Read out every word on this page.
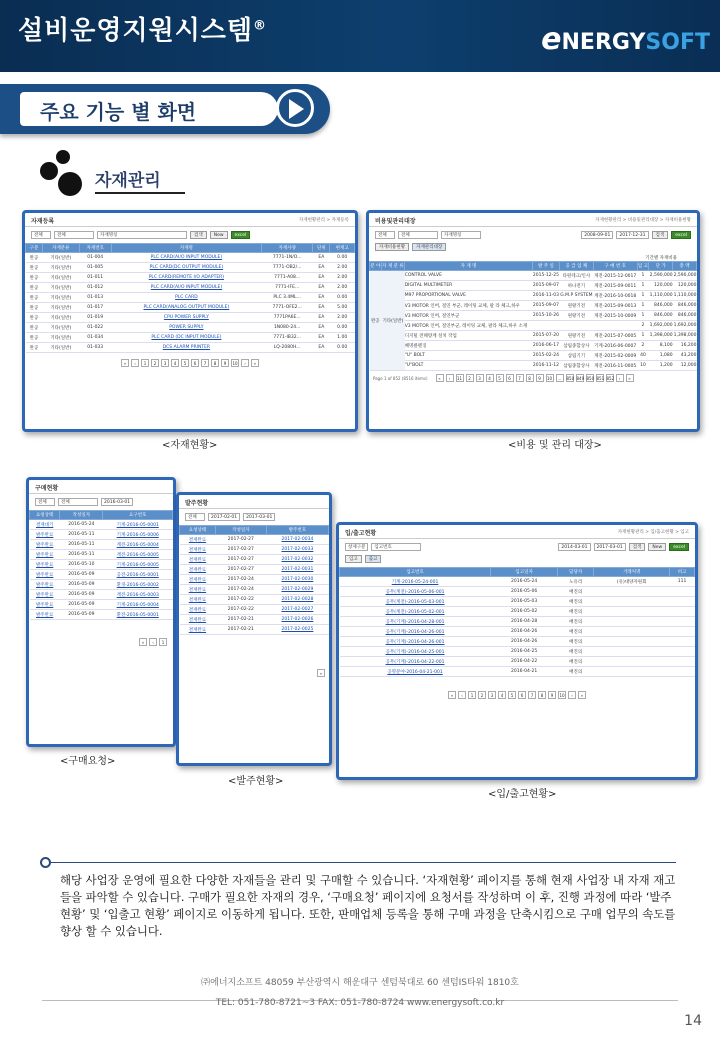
설비운영지원시스템®	eNERGYSOFT
주요 기능 별 화면
자재관리
자재등록	자재현황관리 > 자재등록
전체	전체	자재명칭	검색	New	excel
구분	자재분류	자재번호	자재명	자재사양	단위	현재고
완공	기타(일반)	01-004	PLC CARD(AI/O INPUT MODULE)	7771-1N/O...	EA	0.00
완공	기타(일반)	01-005	PLC CARD(DC OUTPUT MODULE)	7771-OB2/...	EA	2.00
완공	기타(일반)	01-011	PLC CARD(REMOTE I/O ADAPTER)	7771-A08...	EA	2.00
완공	기타(일반)	01-012	PLC CARD(AI/O INPUT MODULE)	7771-IFE...	EA	2.00
완공	기타(일반)	01-013	PLC CARD	PLC 3.4ML...	EA	0.00
완공	기타(일반)	01-017	PLC CARD(ANALOG OUTPUT MODULE)	7771-OFE2...	EA	5.00
완공	기타(일반)	01-019	CPU POWER SUPPLY	7771PA6E...	EA	2.00
완공	기타(일반)	01-022	POWER SUPPLY	1N080-24...	EA	0.00
완공	기타(일반)	01-034	PLC CARD (DC INPUT MODULE)	7771-IB32...	EA	1.00
완공	기타(일반)	01-033	DCS ALARM PRINTER	LQ-2080H...	EA	0.00
«	‹	1	2	3	4	5	6	7	8	9	10	›	»
<자재현황>
비용및관리대장	자재현황관리 > 비용및관리대장 > 자재비용현황
전체	전체	자재명칭	2008-09-01	2017-12-31	검색	excel
자재비용현황	자재관리대장
기간별 자재비용
분 야	자 재 분 류	자 재 명	발 주 일	공 급 업 체	구 매 번 호	입 고	단 가	총 액
완공	기타(일반)	CONTROL VALVE	2015-12-25	타원테크/인사	계전-2015-12-0017	1	2,590,000	2,590,000
		DIGITAL MULTIMETER	2015-09-07	하나전기	계전-2015-09-0011	1	120,000	120,000
		M97 PROPORTIONAL VALVE	2016-11-03	G.M.P SYSTEM	계전-2016-10-0018	1	1,110,000	1,110,000
		V3 MOTOR 인버, 절연 부군, 레이팅 교체, 팔 라 체크,하우	2015-09-07	원왕기전	계전-2015-09-0013	1	846,000	846,000
		V3 MOTOR 인버, 절연부군	2015-10-26	원왕기전	계전-2015-10-0009	1	846,000	846,000
		V3 MOTOR 인버, 절연부군, 레이팅 교체, 팔라 체크,하우 소재				2	1,692,000	1,692,000
		디지털 전해량계 설치 작업	2015-07-20	원왕기전	계전-2015-07-0005	1	1,398,000	1,398,000
		혜명클렌징	2016-06-17	삼림종합상사	기계-2016-06-0007	2	8,100	16,200
		"U" BOLT	2015-02-24	삼림기기	계전-2015-02-0009	40	1,080	43,200
		"U"BOLT	2016-11-12	삼림종합상사	계전-2016-11-0005	10	1,200	12,000
Page 1 of 852 (8516 items)	«	‹	11	2	3	4	5	6	7	8	9	10	...	850 849 850 851 852	›	»
<비용 및 관리 대장>
구매현황
전체	전체	2016-03-01
요청상태	작성일자	요구번호
결재대기	2016-05-24	기계-2016-05-0001
발주완료	2016-05-11	기계-2016-05-0006
발주완료	2016-05-11	계전-2016-05-0004
발주완료	2016-05-11	계전-2016-05-0005
발주완료	2016-05-10	기계-2016-05-0005
발주완료	2016-05-09	공전-2016-05-0001
발주완료	2016-05-09	환경-2016-05-0002
발주완료	2016-05-09	계전-2016-05-0003
발주완료	2016-05-09	기계-2016-05-0004
발주완료	2016-05-09	환전-2016-05-0001
«	‹	1
<구매요청>
발주현황
전체	2017-02-01	2017-03-01
요청상태	작성일자	발주번호
결재완료	2017-02-27	2017-02-0034
결재완료	2017-02-27	2017-02-0033
결재완료	2017-02-27	2017-02-0032
결재완료	2017-02-27	2017-02-0031
결재완료	2017-02-24	2017-02-0030
결재완료	2017-02-24	2017-02-0029
결재완료	2017-02-22	2017-02-0028
결재완료	2017-02-22	2017-02-0027
결재완료	2017-02-21	2017-02-0026
결재완료	2017-02-21	2017-02-0025
«
<발주현황>
입/출고현황	자재현황관리 > 입/출고현황 > 입고
창제구분	입고번호	2014-03-01	2017-03-01	검색	New	excel
입고	출고
입고번호	입고일자	담당자	거래처명	비고
기계-2016-05-24-001	2016-05-24	노유리	(유)대양자원회	111
공무(계전)-2016-05-06-001	2016-05-06	배진의		
공무(계전)-2016-05-03-001	2016-05-03	배진의		
공무(계전)-2016-05-02-001	2016-05-02	배진의		
공무(기계)-2016-04-28-001	2016-04-28	배진의		
공무(기계)-2016-04-26-001	2016-04-26	배진의		
공무(기계)-2016-04-26-001	2016-04-26	배진의		
공무(기계)-2016-04-25-001	2016-04-25	배진의		
공무(기계)-2016-04-22-001	2016-04-22	배진의		
공명분야-2016-04-21-001	2016-04-21	배진의		
«	‹	1	2	3	4	5	6	7	8	9	10	›	»
<입/출고현황>
해당 사업장 운영에 필요한 다양한 자재들을 관리 및 구매할 수 있습니다. ‘자재현황’ 페이지를 통해 현재 사업장 내 자재 재고들을 파악할 수 있습니다. 구매가 필요한 자재의 경우, ‘구매요청’ 페이지에 요청서를 작성하며 이 후, 진행 과정에 따라 ‘발주현황’ 및 ‘입출고 현황’ 페이지로 이동하게 됩니다. 또한, 판매업체 등록을 통해 구매 과정을 단축시킴으로 구매 업무의 속도를 향상 할 수 있습니다.
㈜에너지소프트 48059 부산광역시 해운대구 센텀북대로 60 센텀IS타워 1810호
TEL: 051-780-8721~3 FAX: 051-780-8724 www.energysoft.co.kr
14
